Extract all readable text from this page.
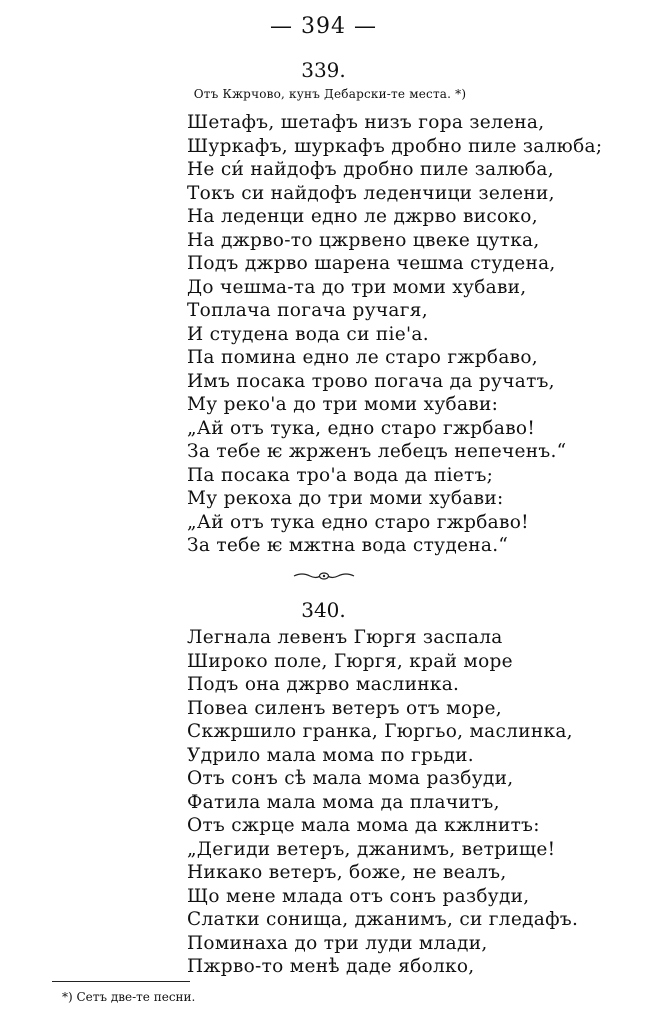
— 394 —
339.
Отъ Кжрчово, кунъ Дебарски-те места. *)
Шетафъ, шетафъ низъ гора зелена,
Шуркафъ, шуркафъ дробно пиле залюба;
Не си́ найдофъ дробно пиле залюба,
Токъ си найдофъ леденчици зелени,
На леденци едно ле джрво високо,
На джрво-то цжрвено цвеке цутка,
Подъ джрво шарена чешма студена,
До чешма-та до три моми хубави,
Топлача погача ручагя,
И студена вода си піе'а.
Па помина едно ле старо гжрбаво,
Имъ посака трово погача да ручатъ,
Му реко'а до три моми хубави:
„Ай отъ тука, едно старо гжрбаво!
За тебе ѥ жрженъ лебецъ непеченъ.“
Па посака тро'а вода да піетъ;
Му рекоха до три моми хубави:
„Ай отъ тука едно старо гжрбаво!
За тебе ѥ мжтна вода студена.“
340.
Легнала левенъ Гюргя заспала
Широко поле, Гюргя, край море
Подъ она джрво маслинка.
Повеа силенъ ветеръ отъ море,
Скжршило гранка, Гюргьо, маслинка,
Удрило мала мома по грьди.
Отъ сонъ сѣ мала мома разбуди,
Фатила мала мома да плачитъ,
Отъ сжрце мала мома да кжлнитъ:
„Дегиди ветеръ, джанимъ, ветрище!
Никако ветеръ, боже, не веалъ,
Що мене млада отъ сонъ разбуди,
Слатки сонища, джанимъ, си гледафъ.
Поминаха до три луди млади,
Пжрво-то менѣ даде яболко,
*) Сетъ две-те песни.
